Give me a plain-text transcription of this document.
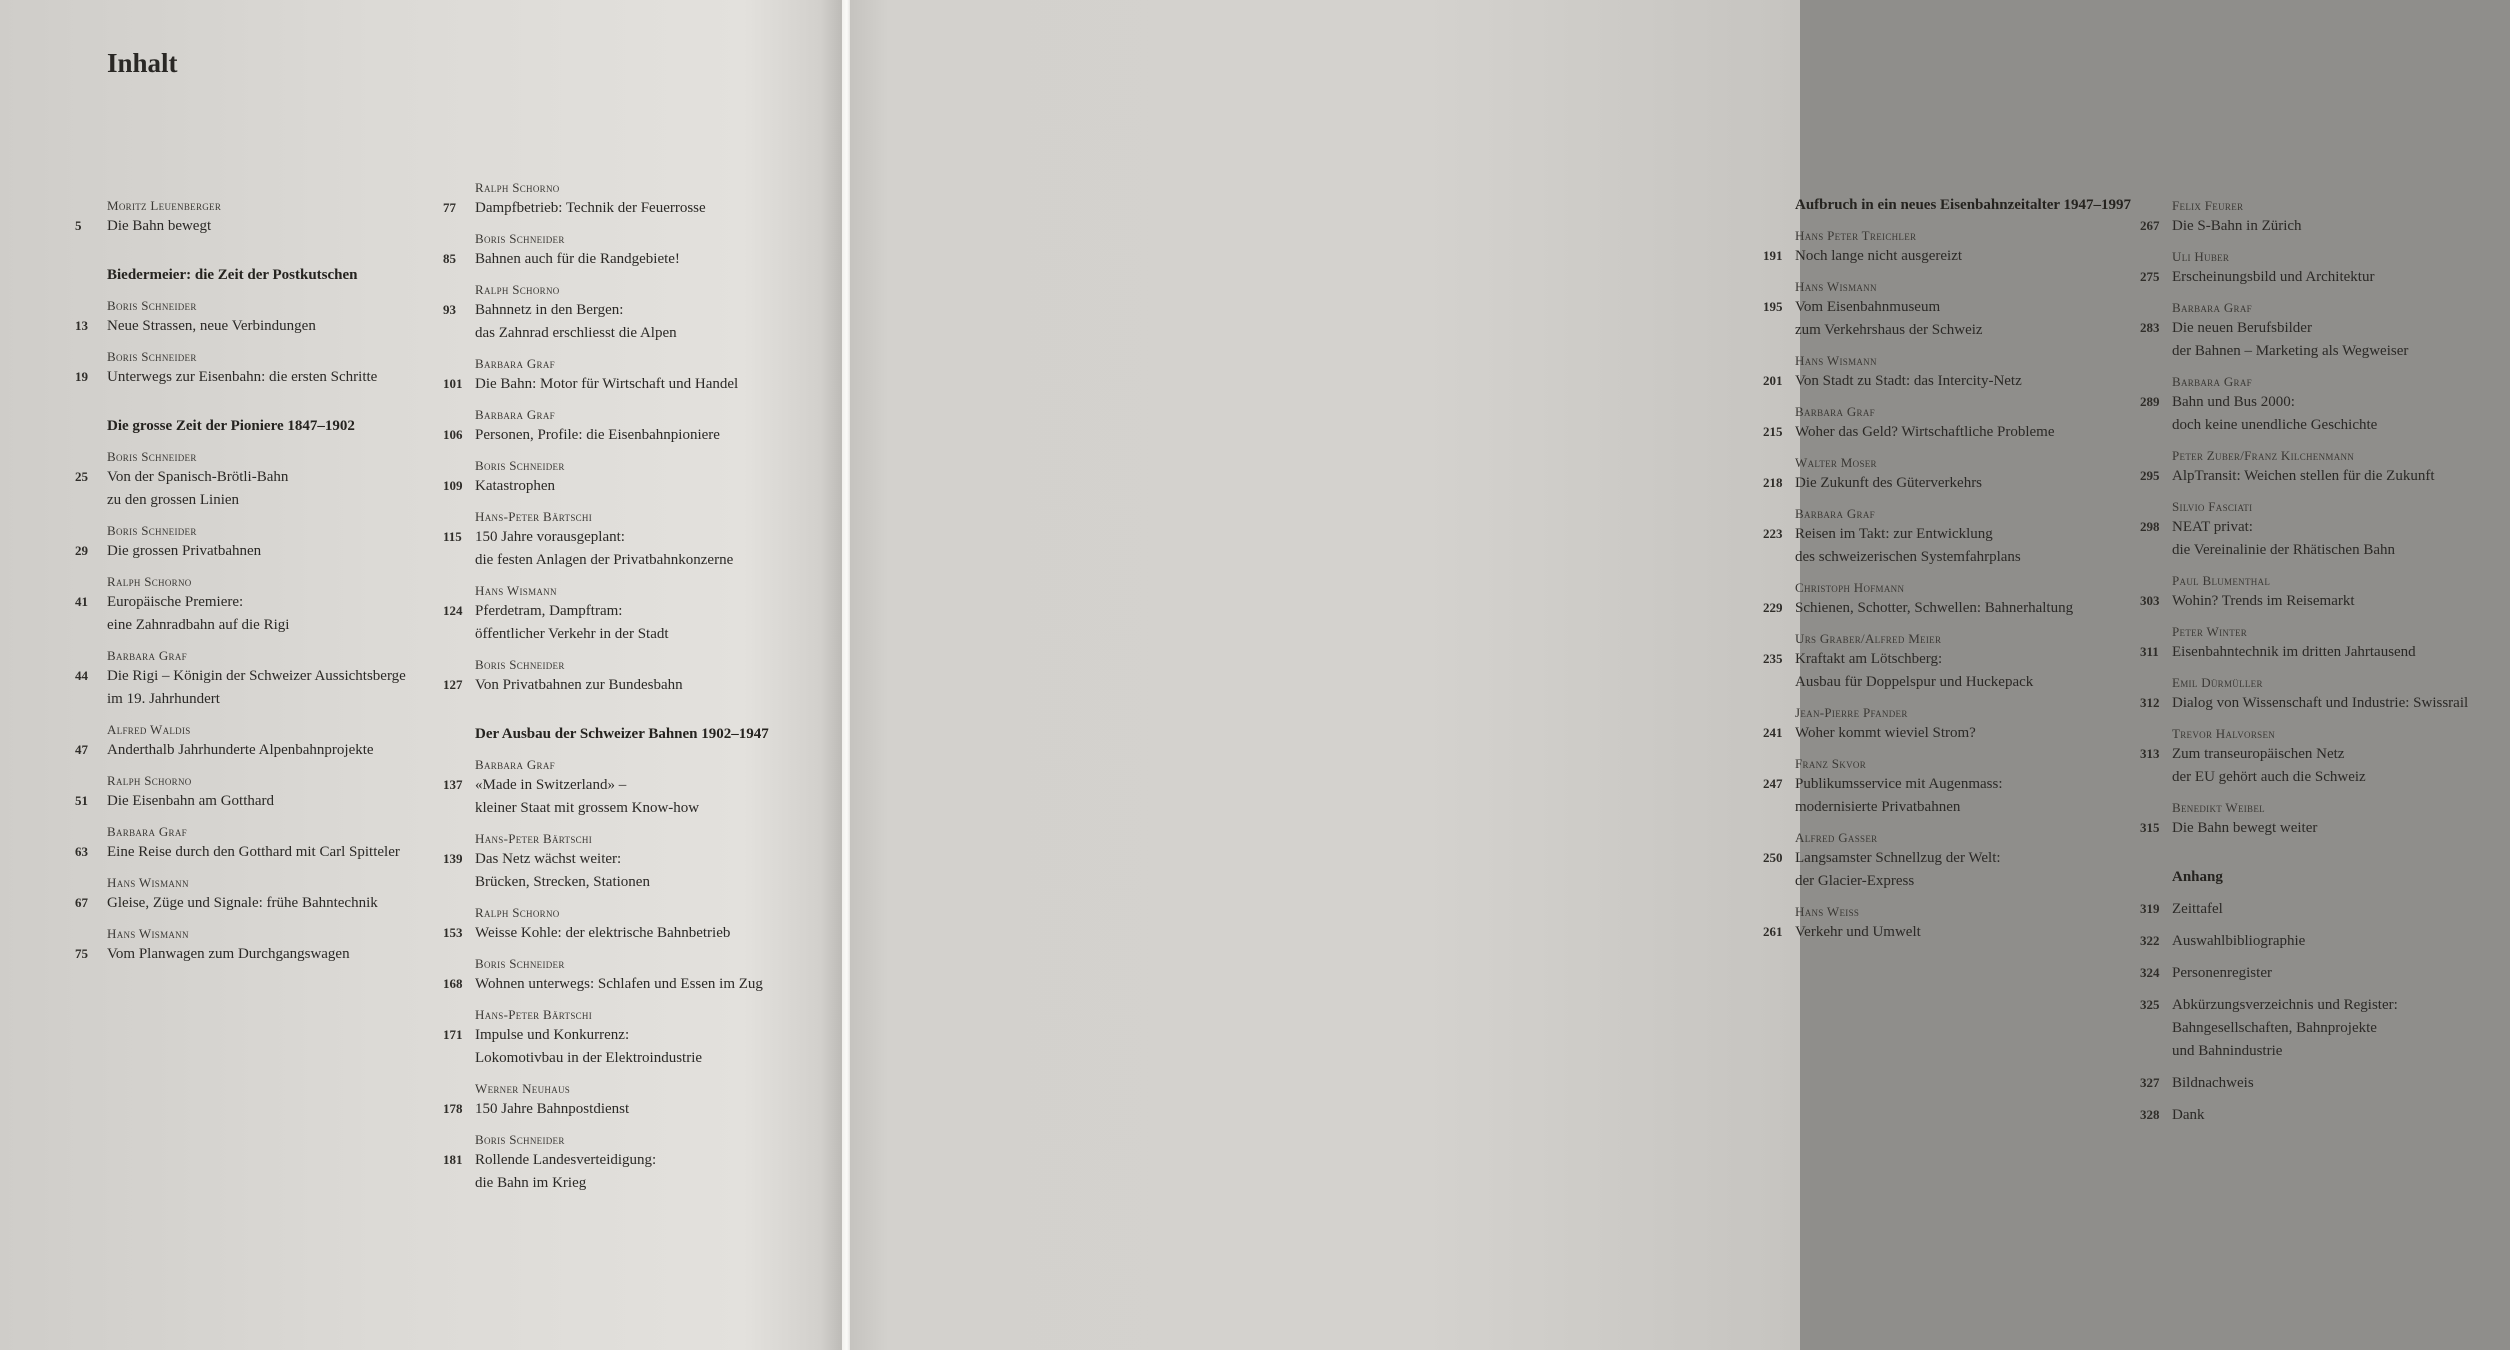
Inhalt
Moritz Leuenberger
5	Die Bahn bewegt
Biedermeier: die Zeit der Postkutschen
Boris Schneider
13	Neue Strassen, neue Verbindungen
Boris Schneider
19	Unterwegs zur Eisenbahn: die ersten Schritte
Die grosse Zeit der Pioniere 1847–1902
Boris Schneider
25	Von der Spanisch-Brötli-Bahn
zu den grossen Linien
Boris Schneider
29	Die grossen Privatbahnen
Ralph Schorno
41	Europäische Premiere:
eine Zahnradbahn auf die Rigi
Barbara Graf
44	Die Rigi – Königin der Schweizer Aussichtsberge
im 19. Jahrhundert
Alfred Waldis
47	Anderthalb Jahrhunderte Alpenbahnprojekte
Ralph Schorno
51	Die Eisenbahn am Gotthard
Barbara Graf
63	Eine Reise durch den Gotthard mit Carl Spitteler
Hans Wismann
67	Gleise, Züge und Signale: frühe Bahntechnik
Hans Wismann
75	Vom Planwagen zum Durchgangswagen
Ralph Schorno
77	Dampfbetrieb: Technik der Feuerrosse
Boris Schneider
85	Bahnen auch für die Randgebiete!
Ralph Schorno
93	Bahnnetz in den Bergen:
das Zahnrad erschliesst die Alpen
Barbara Graf
101 Die Bahn: Motor für Wirtschaft und Handel
Barbara Graf
106 Personen, Profile: die Eisenbahnpioniere
Boris Schneider
109 Katastrophen
Hans-Peter Bärtschi
115 150 Jahre vorausgeplant:
die festen Anlagen der Privatbahnkonzerne
Hans Wismann
124 Pferdetram, Dampftram:
öffentlicher Verkehr in der Stadt
Boris Schneider
127 Von Privatbahnen zur Bundesbahn
Der Ausbau der Schweizer Bahnen 1902–1947
Barbara Graf
137 «Made in Switzerland» –
kleiner Staat mit grossem Know-how
Hans-Peter Bärtschi
139 Das Netz wächst weiter:
Brücken, Strecken, Stationen
Ralph Schorno
153 Weisse Kohle: der elektrische Bahnbetrieb
Boris Schneider
168 Wohnen unterwegs: Schlafen und Essen im Zug
Hans-Peter Bärtschi
171 Impulse und Konkurrenz:
Lokomotivbau in der Elektroindustrie
Werner Neuhaus
178 150 Jahre Bahnpostdienst
Boris Schneider
181 Rollende Landesverteidigung:
die Bahn im Krieg
Aufbruch in ein neues Eisenbahnzeitalter 1947–1997
Hans Peter Treichler
191 Noch lange nicht ausgereizt
Hans Wismann
195 Vom Eisenbahnmuseum
zum Verkehrshaus der Schweiz
Hans Wismann
201 Von Stadt zu Stadt: das Intercity-Netz
Barbara Graf
215 Woher das Geld? Wirtschaftliche Probleme
Walter Moser
218 Die Zukunft des Güterverkehrs
Barbara Graf
223 Reisen im Takt: zur Entwicklung
des schweizerischen Systemfahrplans
Christoph Hofmann
229 Schienen, Schotter, Schwellen: Bahnerhaltung
Urs Graber/Alfred Meier
235 Kraftakt am Lötschberg:
Ausbau für Doppelspur und Huckepack
Jean-Pierre Pfander
241 Woher kommt wieviel Strom?
Franz Skvor
247 Publikumsservice mit Augenmass:
modernisierte Privatbahnen
Alfred Gasser
250 Langsamster Schnellzug der Welt:
der Glacier-Express
Hans Weiss
261 Verkehr und Umwelt
Felix Feurer
267 Die S-Bahn in Zürich
Uli Huber
275 Erscheinungsbild und Architektur
Barbara Graf
283 Die neuen Berufsbilder
der Bahnen – Marketing als Wegweiser
Barbara Graf
289 Bahn und Bus 2000:
doch keine unendliche Geschichte
Peter Zuber/Franz Kilchenmann
295 AlpTransit: Weichen stellen für die Zukunft
Silvio Fasciati
298 NEAT privat:
die Vereinalinie der Rhätischen Bahn
Paul Blumenthal
303 Wohin? Trends im Reisemarkt
Peter Winter
311 Eisenbahntechnik im dritten Jahrtausend
Emil Dürmüller
312 Dialog von Wissenschaft und Industrie: Swissrail
Trevor Halvorsen
313 Zum transeuropäischen Netz
der EU gehört auch die Schweiz
Benedikt Weibel
315 Die Bahn bewegt weiter
Anhang
319 Zeittafel
322 Auswahlbibliographie
324 Personenregister
325 Abkürzungsverzeichnis und Register:
Bahngesellschaften, Bahnprojekte
und Bahnindustrie
327 Bildnachweis
328 Dank
